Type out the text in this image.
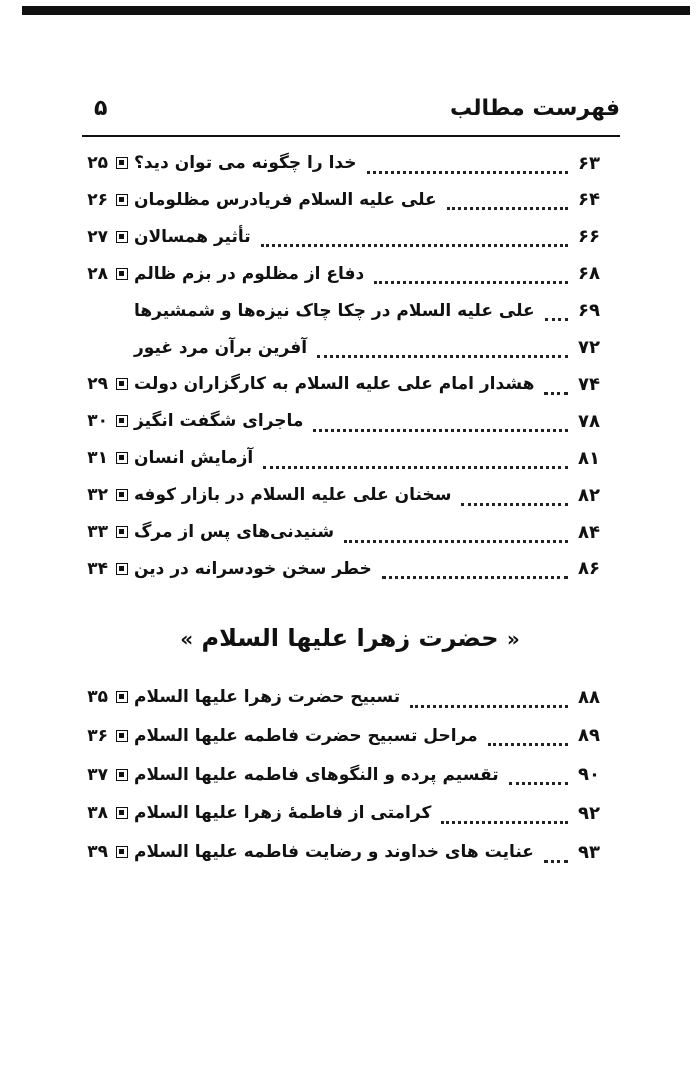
فهرست مطالب
۵
۲۵ خدا را چگونه می توان دید؟	۶۳
۲۶ علی علیه السلام فریادرس مظلومان	۶۴
۲۷ تأثیر همسالان	۶۶
۲۸ دفاع از مظلوم در بزم ظالم	۶۸
علی علیه السلام در چکا چاک نیزه‌ها و شمشیرها ۶۹
آفرین برآن مرد غیور	۷۲
۲۹ هشدار امام علی علیه السلام به کارگزاران دولت ۷۴
۳۰ ماجرای شگفت انگیز	۷۸
۳۱ آزمایش انسان	۸۱
۳۲ سخنان علی علیه السلام در بازار کوفه	۸۲
۳۳ شنیدنی‌های پس از مرگ	۸۴
۳۴ خطر سخن خودسرانه در دین	۸۶
۳۵ تسبیح حضرت زهرا علیها السلام	۸۸
۳۶ مراحل تسبیح حضرت فاطمه علیها السلام	۸۹
۳۷ تقسیم پرده و النگوهای فاطمه علیها السلام	۹۰
۳۸ کرامتی از فاطمهٔ زهرا علیها السلام	۹۲
۳۹ عنایت های خداوند و رضایت فاطمه علیها السلام ۹۳
« حضرت زهرا علیها السلام »
